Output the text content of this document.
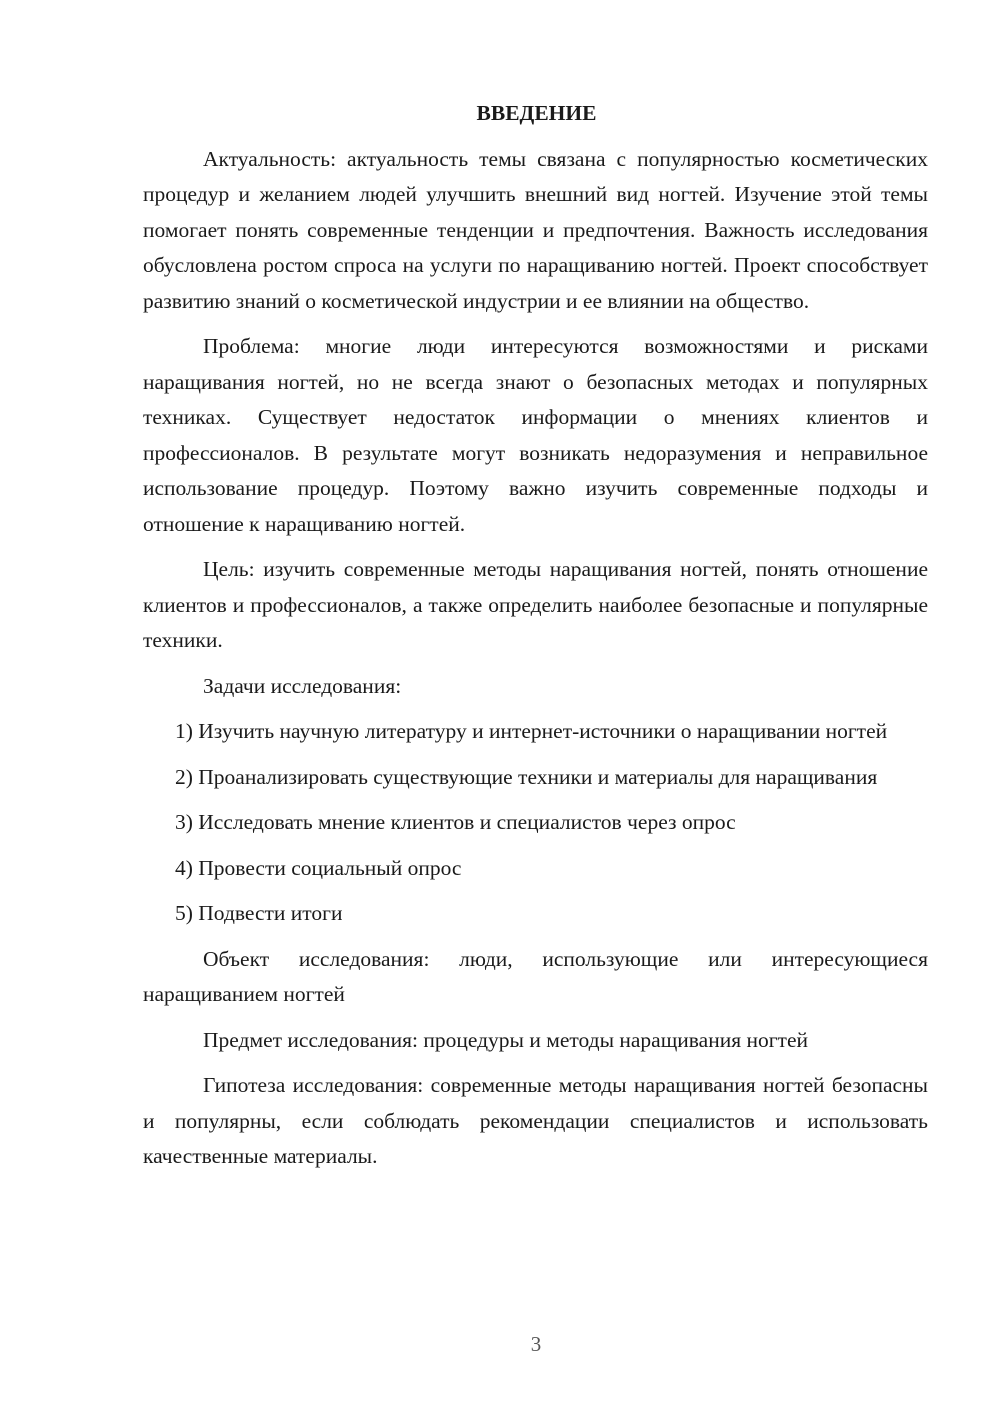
ВВЕДЕНИЕ

Актуальность: актуальность темы связана с популярностью косметических процедур и желанием людей улучшить внешний вид ногтей. Изучение этой темы помогает понять современные тенденции и предпочтения. Важность исследования обусловлена ростом спроса на услуги по наращиванию ногтей. Проект способствует развитию знаний о косметической индустрии и ее влиянии на общество.

Проблема: многие люди интересуются возможностями и рисками наращивания ногтей, но не всегда знают о безопасных методах и популярных техниках. Существует недостаток информации о мнениях клиентов и профессионалов. В результате могут возникать недоразумения и неправильное использование процедур. Поэтому важно изучить современные подходы и отношение к наращиванию ногтей.

Цель: изучить современные методы наращивания ногтей, понять отношение клиентов и профессионалов, а также определить наиболее безопасные и популярные техники.

Задачи исследования:

1) Изучить научную литературу и интернет-источники о наращивании ногтей

2) Проанализировать существующие техники и материалы для наращивания

3) Исследовать мнение клиентов и специалистов через опрос

4) Провести социальный опрос

5) Подвести итоги

Объект исследования: люди, использующие или интересующиеся наращиванием ногтей

Предмет исследования: процедуры и методы наращивания ногтей

Гипотеза исследования: современные методы наращивания ногтей безопасны и популярны, если соблюдать рекомендации специалистов и использовать качественные материалы.

3
